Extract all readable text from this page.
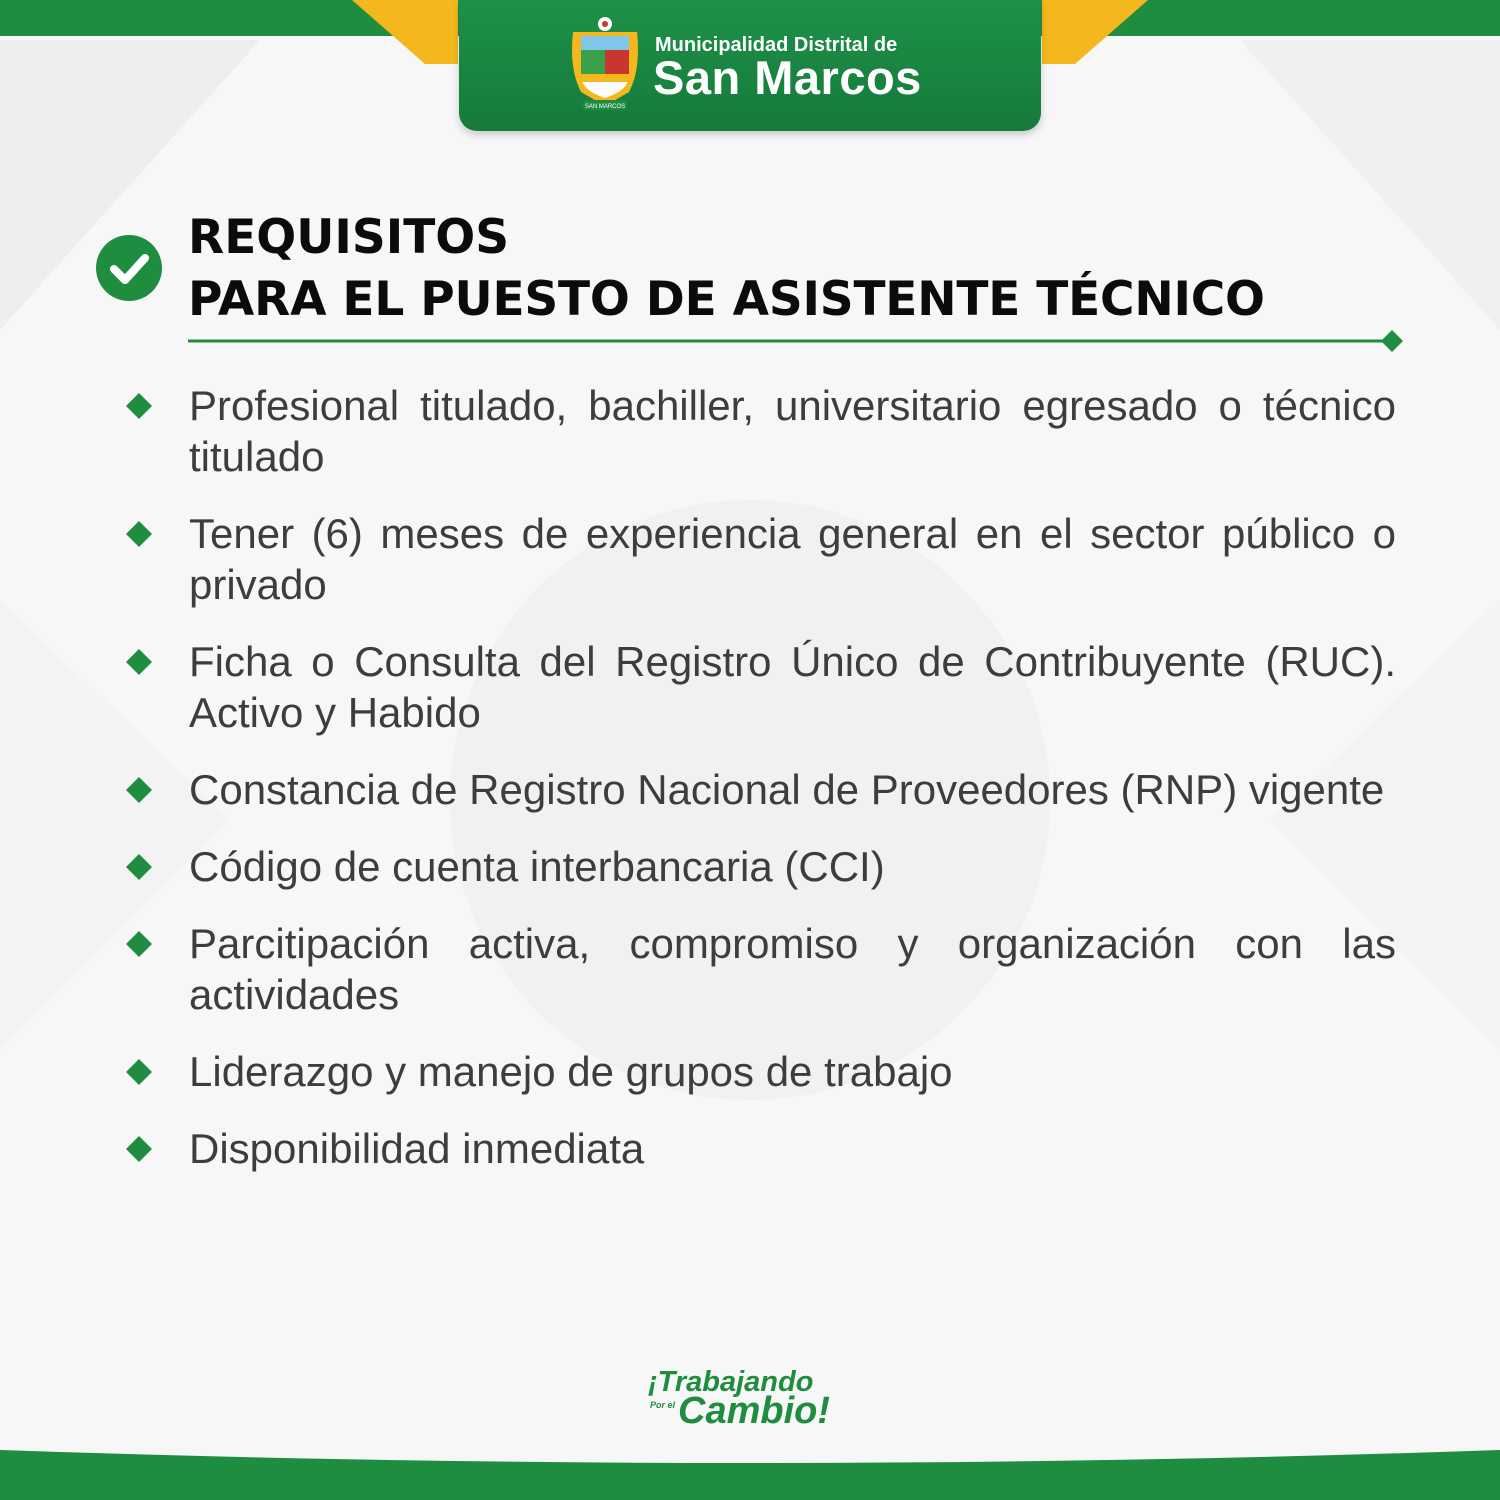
SAN MARCOS
Municipalidad Distrital de
San Marcos
REQUISITOS
PARA EL PUESTO DE ASISTENTE TÉCNICO
Profesional titulado, bachiller, universitario egresado o técnico titulado
Tener (6) meses de experiencia general en el sector público o privado
Ficha o Consulta del Registro Único de Contribuyente (RUC). Activo y Habido
Constancia de Registro Nacional de Proveedores (RNP) vigente
Código de cuenta interbancaria (CCI)
Parcitipación activa, compromiso y organización con las actividades
Liderazgo y manejo de grupos de trabajo
Disponibilidad inmediata
¡Trabajando
Por el Cambio!
